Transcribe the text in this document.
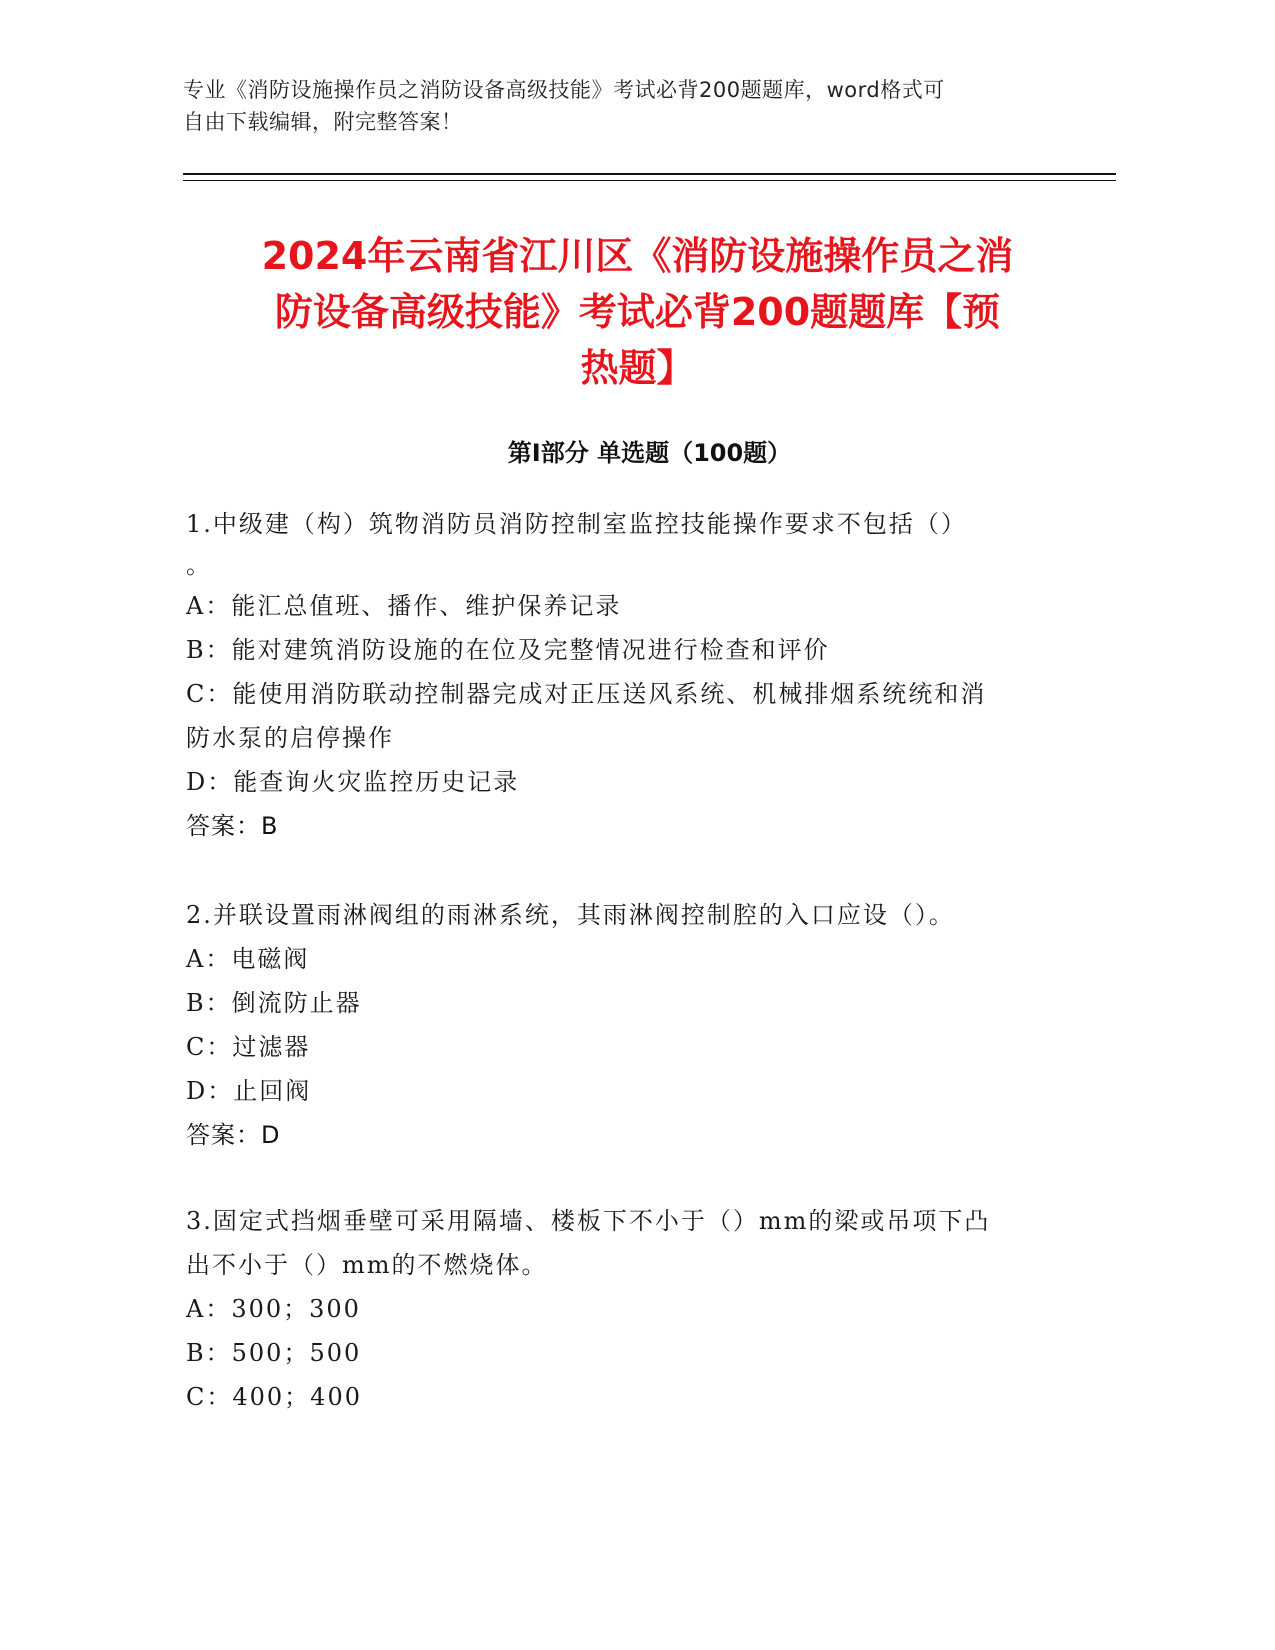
专业《消防设施操作员之消防设备高级技能》考试必背200题题库，word格式可
自由下载编辑，附完整答案！
2024年云南省江川区《消防设施操作员之消
防设备高级技能》考试必背200题题库【预
热题】
第I部分 单选题（100题）
1.中级建（构）筑物消防员消防控制室监控技能操作要求不包括（）
。
A：能汇总值班、播作、维护保养记录
B：能对建筑消防设施的在位及完整情况进行检查和评价
C：能使用消防联动控制器完成对正压送风系统、机械排烟系统统和消
防水泵的启停操作
D：能查询火灾监控历史记录
答案：B
2.并联设置雨淋阀组的雨淋系统，其雨淋阀控制腔的入口应设（）。
A：电磁阀
B：倒流防止器
C：过滤器
D：止回阀
答案：D
3.固定式挡烟垂壁可采用隔墙、楼板下不小于（）mm的梁或吊项下凸
出不小于（）mm的不燃烧体。
A：300；300
B：500；500
C：400；400
